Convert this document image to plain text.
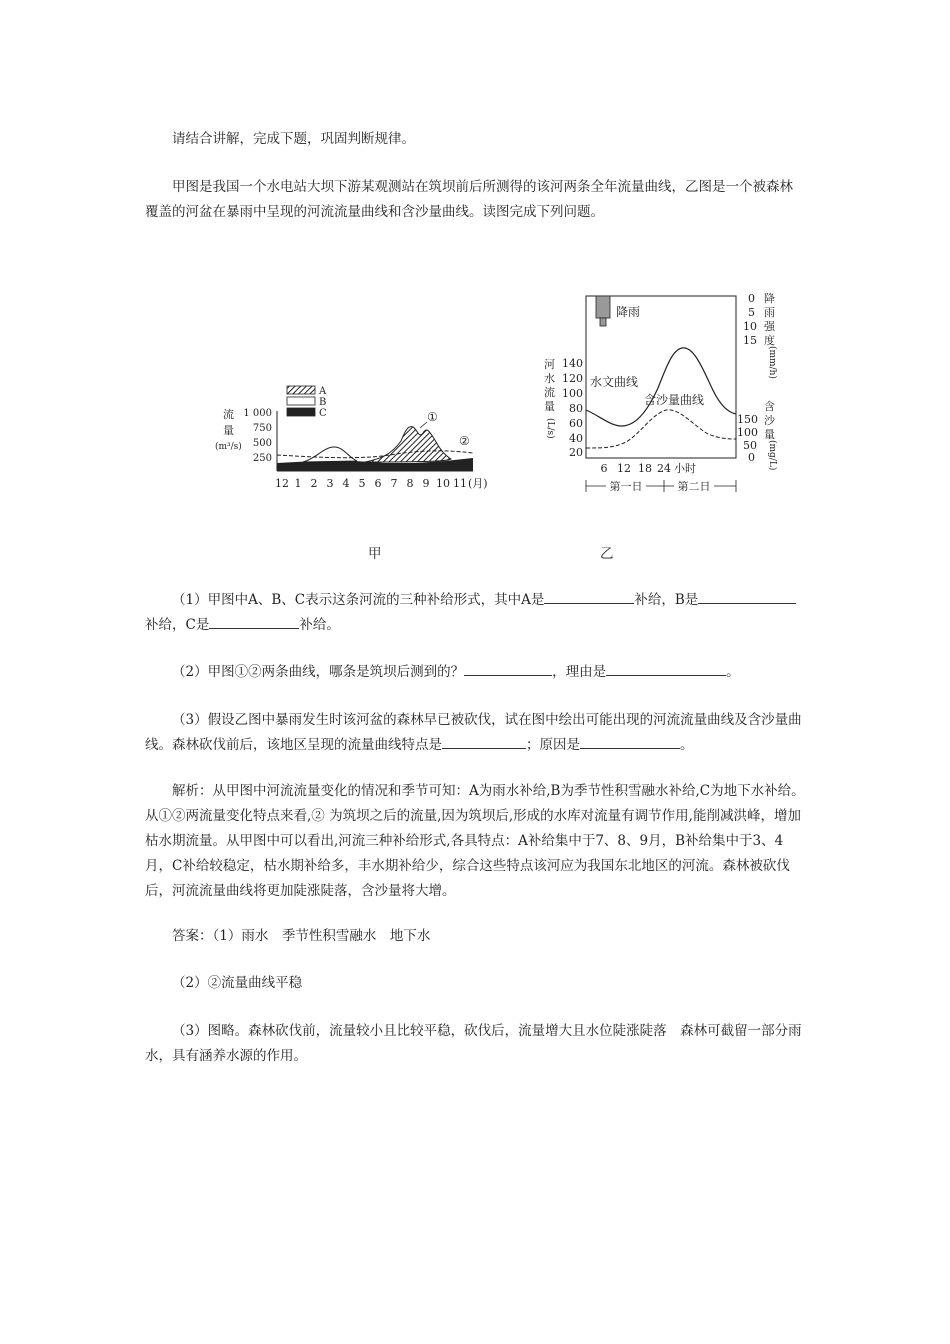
请结合讲解，完成下题，巩固判断规律。

甲图是我国一个水电站大坝下游某观测站在筑坝前后所测得的该河两条全年流量曲线，乙图是一个被森林覆盖的河盆在暴雨中呈现的河流流量曲线和含沙量曲线。读图完成下列问题。

A
B
C
流
量
(m³/s)
1 000
750
500
250
①
②
12 1 2 3 4 5 6 7 8 9 10 11 (月)
降雨
河
水
流
量
(L/s)
140
120
100
80
60
40
20
0
5
10
15
降
雨
强
度
(mm/h)
150
100
50
0
含
沙
量
(mg/L)
水文曲线
含沙量曲线
6 12 18 24 小时
第一日	第二日
甲	乙

（1）甲图中A、B、C表示这条河流的三种补给形式，其中A是	补给，B是补给，C是	补给。

（2）甲图①②两条曲线，哪条是筑坝后测到的？	，理由是	。

（3）假设乙图中暴雨发生时该河盆的森林早已被砍伐，试在图中绘出可能出现的河流流量曲线及含沙量曲线。森林砍伐前后，该地区呈现的流量曲线特点是	；原因是	。

解析：从甲图中河流流量变化的情况和季节可知：A为雨水补给,B为季节性积雪融水补给,C为地下水补给。从①②两流量变化特点来看,② 为筑坝之后的流量,因为筑坝后,形成的水库对流量有调节作用,能削减洪峰，增加枯水期流量。从甲图中可以看出,河流三种补给形式,各具特点：A补给集中于7、8、9月，B补给集中于3、4月，C补给较稳定，枯水期补给多，丰水期补给少，综合这些特点该河应为我国东北地区的河流。森林被砍伐后，河流流量曲线将更加陡涨陡落，含沙量将大增。

答案：（1）雨水　季节性积雪融水　地下水

（2）②流量曲线平稳

（3）图略。森林砍伐前，流量较小且比较平稳，砍伐后，流量增大且水位陡涨陡落　森林可截留一部分雨水，具有涵养水源的作用。
